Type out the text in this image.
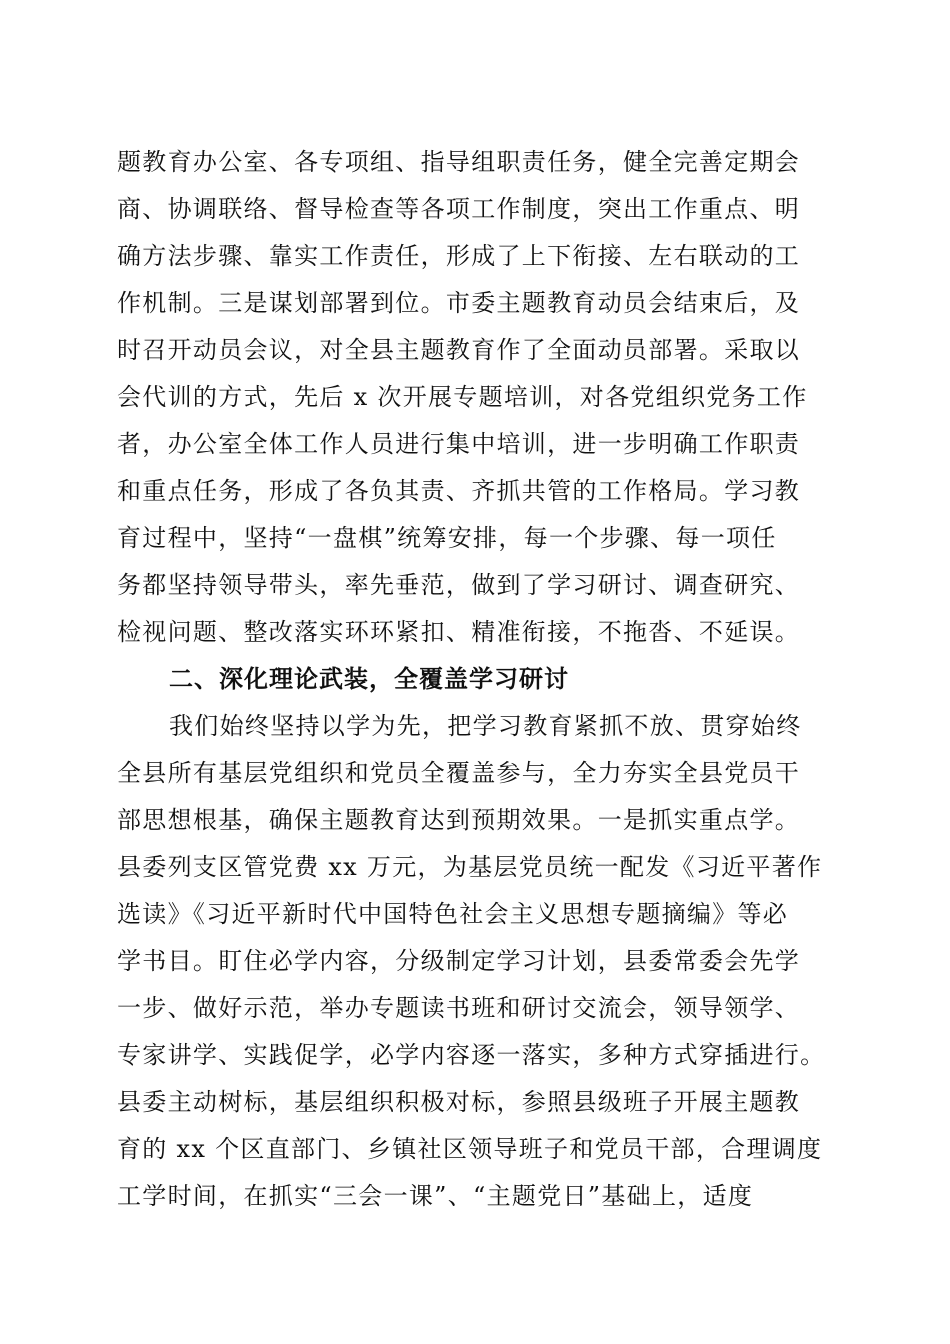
题教育办公室、各专项组、指导组职责任务，健全完善定期会
商、协调联络、督导检查等各项工作制度，突出工作重点、明
确方法步骤、靠实工作责任，形成了上下衔接、左右联动的工
作机制。三是谋划部署到位。市委主题教育动员会结束后，及
时召开动员会议，对全县主题教育作了全面动员部署。采取以
会代训的方式，先后 x 次开展专题培训，对各党组织党务工作
者，办公室全体工作人员进行集中培训，进一步明确工作职责
和重点任务，形成了各负其责、齐抓共管的工作格局。学习教
育过程中，坚持“一盘棋”统筹安排，每一个步骤、每一项任
务都坚持领导带头，率先垂范，做到了学习研讨、调查研究、
检视问题、整改落实环环紧扣、精准衔接，不拖沓、不延误。
二、深化理论武装，全覆盖学习研讨
我们始终坚持以学为先，把学习教育紧抓不放、贯穿始终
全县所有基层党组织和党员全覆盖参与，全力夯实全县党员干
部思想根基，确保主题教育达到预期效果。一是抓实重点学。
县委列支区管党费 xx 万元，为基层党员统一配发《习近平著作
选读》《习近平新时代中国特色社会主义思想专题摘编》等必
学书目。盯住必学内容，分级制定学习计划，县委常委会先学
一步、做好示范，举办专题读书班和研讨交流会，领导领学、
专家讲学、实践促学，必学内容逐一落实，多种方式穿插进行。
县委主动树标，基层组织积极对标，参照县级班子开展主题教
育的 xx 个区直部门、乡镇社区领导班子和党员干部，合理调度
工学时间，在抓实“三会一课”、“主题党日”基础上，适度
